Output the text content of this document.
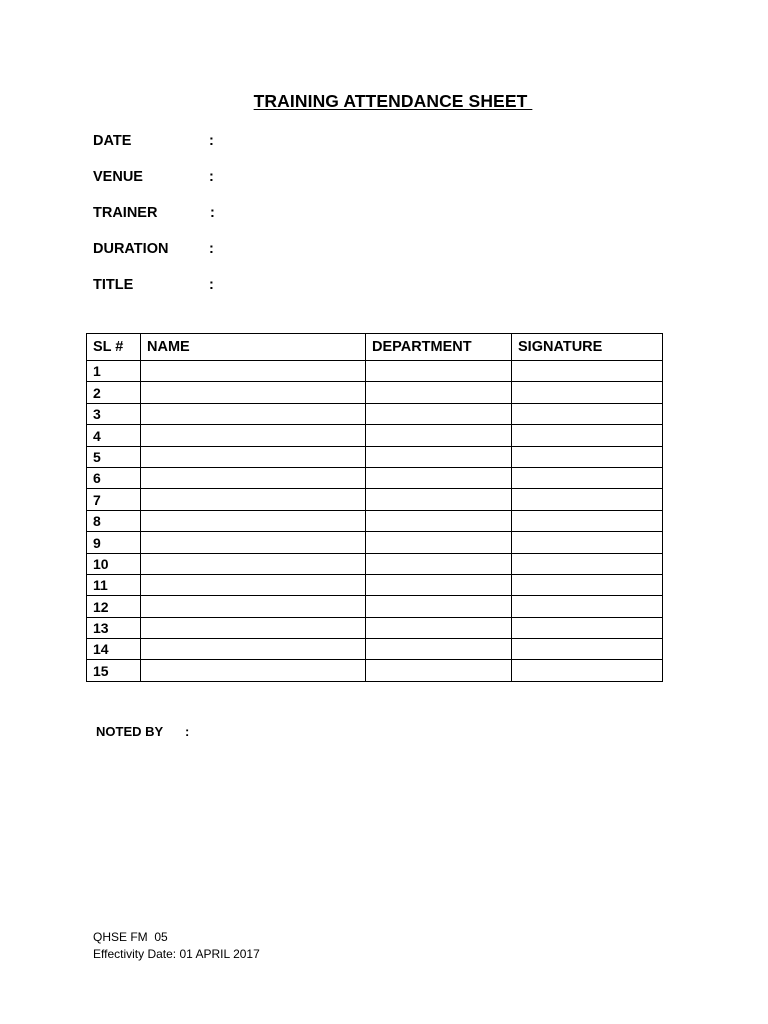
TRAINING ATTENDANCE SHEET
DATE	:
VENUE	:
TRAINER	:
DURATION	:
TITLE	:
SL #	NAME	DEPARTMENT	SIGNATURE
1			
2			
3			
4			
5			
6			
7			
8			
9			
10			
11			
12			
13			
14			
15			
NOTED BY :
QHSE FM  05
Effectivity Date: 01 APRIL 2017
